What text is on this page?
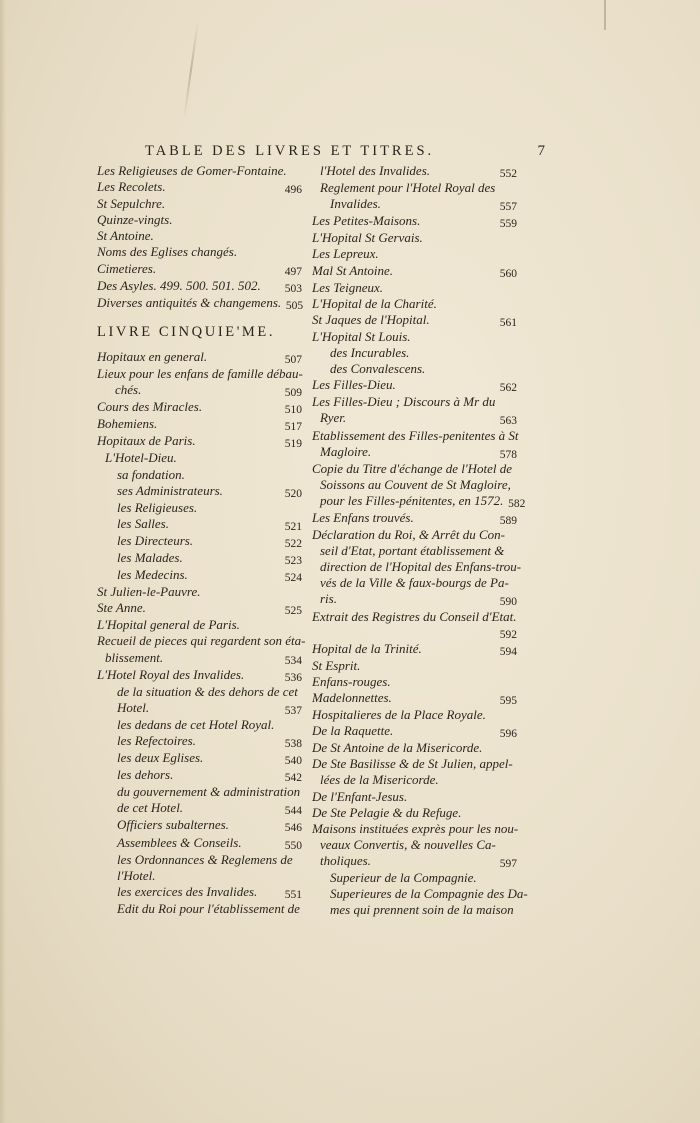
TABLE DES LIVRES ET TITRES.	7
Les Religieuses de Gomer-Fontaine.
Les Recolets.	496
St Sepulchre.
Quinze-vingts.
St Antoine.
Noms des Eglises changés.
Cimetieres.	497
Des Asyles. 499. 500. 501. 502.	503
Diverses antiquités & changemens. 505
LIVRE CINQUIE'ME.
Hopitaux en general.	507
Lieux pour les enfans de famille débau-
chés.	509
Cours des Miracles.	510
Bohemiens.	517
Hopitaux de Paris.	519
L'Hotel-Dieu.
sa fondation.
ses Administrateurs.	520
les Religieuses.
les Salles.	521
les Directeurs.	522
les Malades.	523
les Medecins.	524
St Julien-le-Pauvre.
Ste Anne.	525
L'Hopital general de Paris.
Recueil de pieces qui regardent son éta-
blissement.	534
L'Hotel Royal des Invalides.	536
de la situation & des dehors de cet
Hotel.	537
les dedans de cet Hotel Royal.
les Refectoires.	538
les deux Eglises.	540
les dehors.	542
du gouvernement & administration
de cet Hotel.	544
Officiers subalternes.	546
Assemblees & Conseils.	550
les Ordonnances & Reglemens de
l'Hotel.
les exercices des Invalides.	551
Edit du Roi pour l'établissement de
l'Hotel des Invalides.	552
Reglement pour l'Hotel Royal des
Invalides.	557
Les Petites-Maisons.	559
L'Hopital St Gervais.
Les Lepreux.
Mal St Antoine.	560
Les Teigneux.
L'Hopital de la Charité.
St Jaques de l'Hopital.	561
L'Hopital St Louis.
des Incurables.
des Convalescens.
Les Filles-Dieu.	562
Les Filles-Dieu ; Discours à Mr du
Ryer.	563
Etablissement des Filles-penitentes à St
Magloire.	578
Copie du Titre d'échange de l'Hotel de
Soissons au Couvent de St Magloire,
pour les Filles-pénitentes, en 1572. 582
Les Enfans trouvés.	589
Déclaration du Roi, & Arrêt du Con-
seil d'Etat, portant établissement &
direction de l'Hopital des Enfans-trou-
vés de la Ville & faux-bourgs de Pa-
ris.	590
Extrait des Registres du Conseil d'Etat.
592
Hopital de la Trinité.	594
St Esprit.
Enfans-rouges.
Madelonnettes.	595
Hospitalieres de la Place Royale.
De la Raquette.	596
De St Antoine de la Misericorde.
De Ste Basilisse & de St Julien, appel-
lées de la Misericorde.
De l'Enfant-Jesus.
De Ste Pelagie & du Refuge.
Maisons instituées exprès pour les nou-
veaux Convertis, & nouvelles Ca-
tholiques.	597
Superieur de la Compagnie.
Superieures de la Compagnie des Da-
mes qui prennent soin de la maison
